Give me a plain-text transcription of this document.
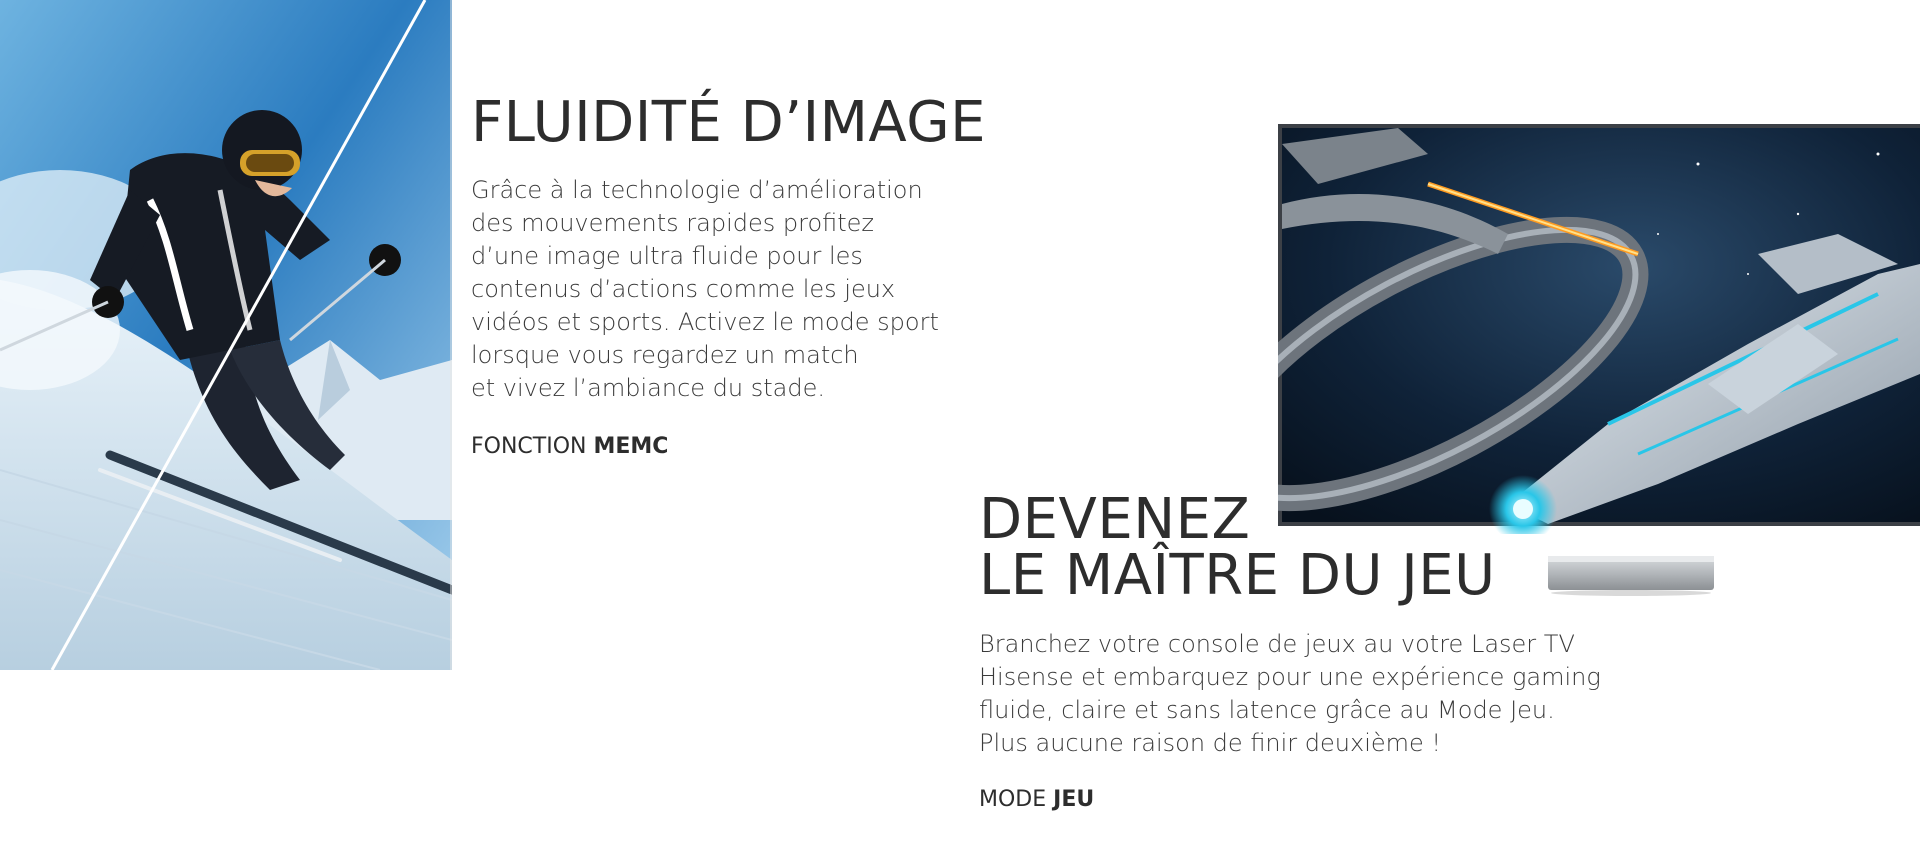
FLUIDITÉ D’IMAGE
Grâce à la technologie d’amélioration
des mouvements rapides profitez
d’une image ultra fluide pour les
contenus d’actions comme les jeux
vidéos et sports. Activez le mode sport
lorsque vous regardez un match
et vivez l’ambiance du stade.
FONCTION MEMC
DEVENEZ
LE MAÎTRE DU JEU
Branchez votre console de jeux au votre Laser TV
Hisense et embarquez pour une expérience gaming
fluide, claire et sans latence grâce au Mode Jeu.
Plus aucune raison de finir deuxième !
MODE JEU
